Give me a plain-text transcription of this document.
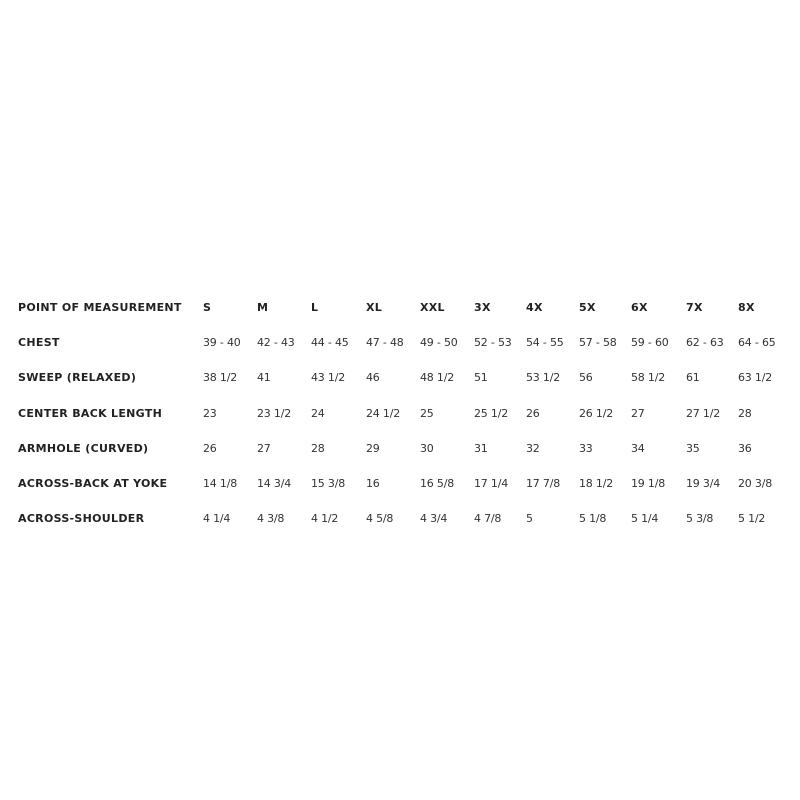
POINT OF MEASUREMENT	S	M	L	XL	XXL	3X	4X	5X	6X	7X	8X
CHEST	39 - 40	42 - 43	44 - 45	47 - 48	49 - 50	52 - 53	54 - 55	57 - 58	59 - 60	62 - 63	64 - 65
SWEEP (RELAXED)	38 1/2	41	43 1/2	46	48 1/2	51	53 1/2	56	58 1/2	61	63 1/2
CENTER BACK LENGTH	23	23 1/2	24	24 1/2	25	25 1/2	26	26 1/2	27	27 1/2	28
ARMHOLE (CURVED)	26	27	28	29	30	31	32	33	34	35	36
ACROSS-BACK AT YOKE	14 1/8	14 3/4	15 3/8	16	16 5/8	17 1/4	17 7/8	18 1/2	19 1/8	19 3/4	20 3/8
ACROSS-SHOULDER	4 1/4	4 3/8	4 1/2	4 5/8	4 3/4	4 7/8	5	5 1/8	5 1/4	5 3/8	5 1/2
